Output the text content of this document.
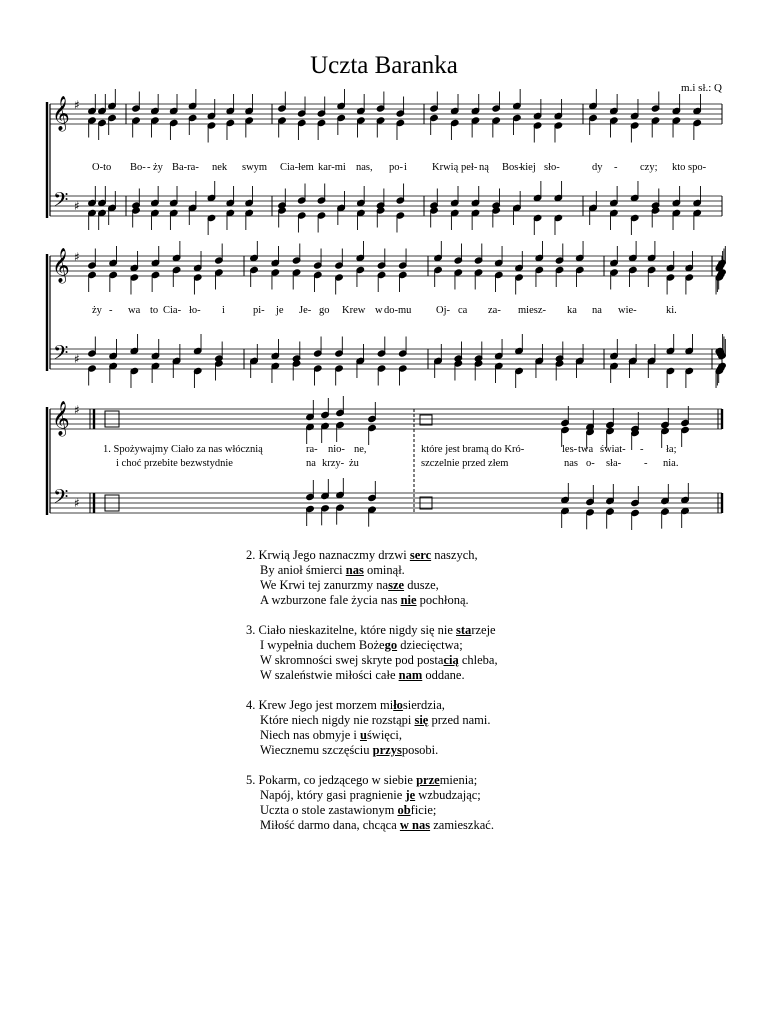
Uczta Baranka
m.i sł.: Q
𝄞
𝄢
♯
♯
𝄞
𝄢
♯
♯
𝄞
𝄢
♯
♯
O-to Bo- - ży Ba-ra- nek swym Cia-łem kar-mi nas, po- i Krwią peł- ną Bos-
kiej sło-	dy - czy; kto spo-
ży - wa to Cia- ło- i	pi- je Je- go Krew w do-mu Oj- ca za- miesz- ka na wie-	ki.
1. Spożywajmy Ciało za nas włócznią	ra- nio- ne,	które jest bramą do Kró-	les- twa świat- - ła;
i choć przebite bezwstydnie	na krzy- żu	szczelnie przed złem	nas o- sła- - nia.
2. Krwią Jego naznaczmy drzwi serc naszych,
By anioł śmierci nas ominął.
We Krwi tej zanurzmy nasze dusze,
A wzburzone fale życia nas nie pochłoną.
3. Ciało nieskazitelne, które nigdy się nie starzeje
I wypełnia duchem Bożego dziecięctwa;
W skromności swej skryte pod postacią chleba,
W szaleństwie miłości całe nam oddane.
4. Krew Jego jest morzem miłosierdzia,
Które niech nigdy nie rozstąpi się przed nami.
Niech nas obmyje i uświęci,
Wiecznemu szczęściu przysposobi.
5. Pokarm, co jedzącego w siebie przemienia;
Napój, który gasi pragnienie je wzbudzając;
Uczta o stole zastawionym obficie;
Miłość darmo dana, chcąca w nas zamieszkać.
